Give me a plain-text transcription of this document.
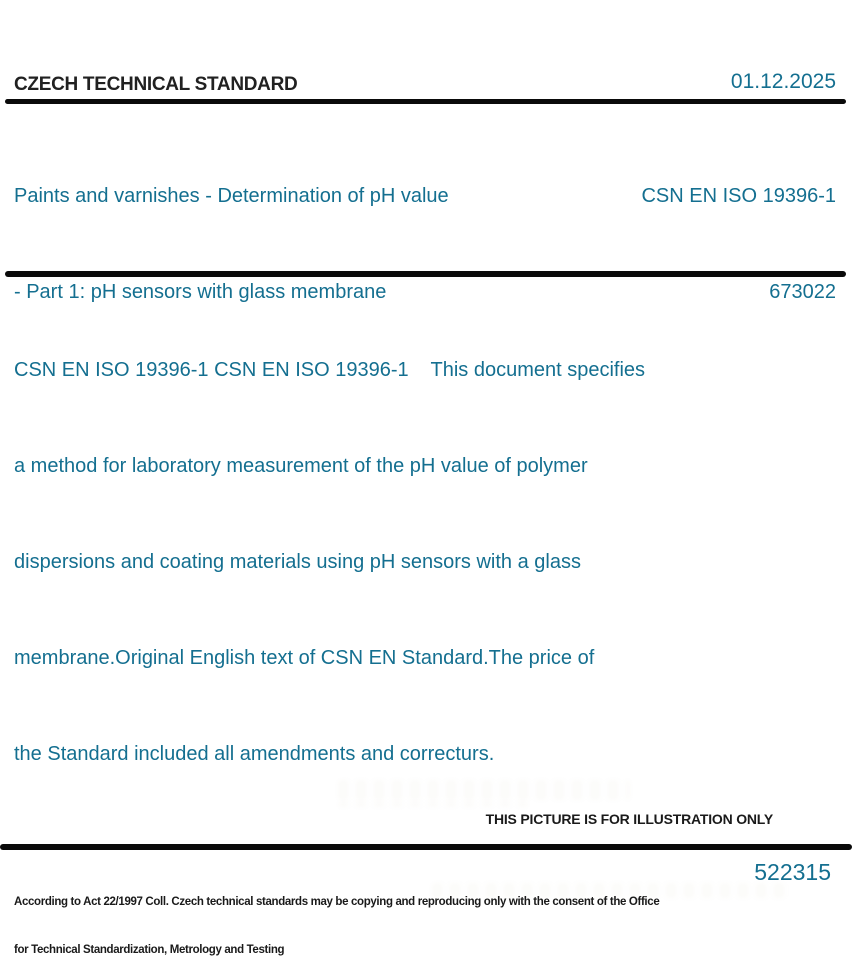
CZECH TECHNICAL STANDARD	01.12.2025

Paints and varnishes - Determination of pH value

- Part 1: pH sensors with glass membrane

CSN EN ISO 19396-1

673022

CSN EN ISO 19396-1 CSN EN ISO 19396-1    This document specifies

a method for laboratory measurement of the pH value of polymer

dispersions and coating materials using pH sensors with a glass

membrane.Original English text of CSN EN Standard.The price of

the Standard included all amendments and correcturs.

THIS PICTURE IS FOR ILLUSTRATION ONLY

According to Act 22/1997 Coll. Czech technical standards may be copying and reproducing only with the consent of the Office

for Technical Standardization, Metrology and Testing

522315
